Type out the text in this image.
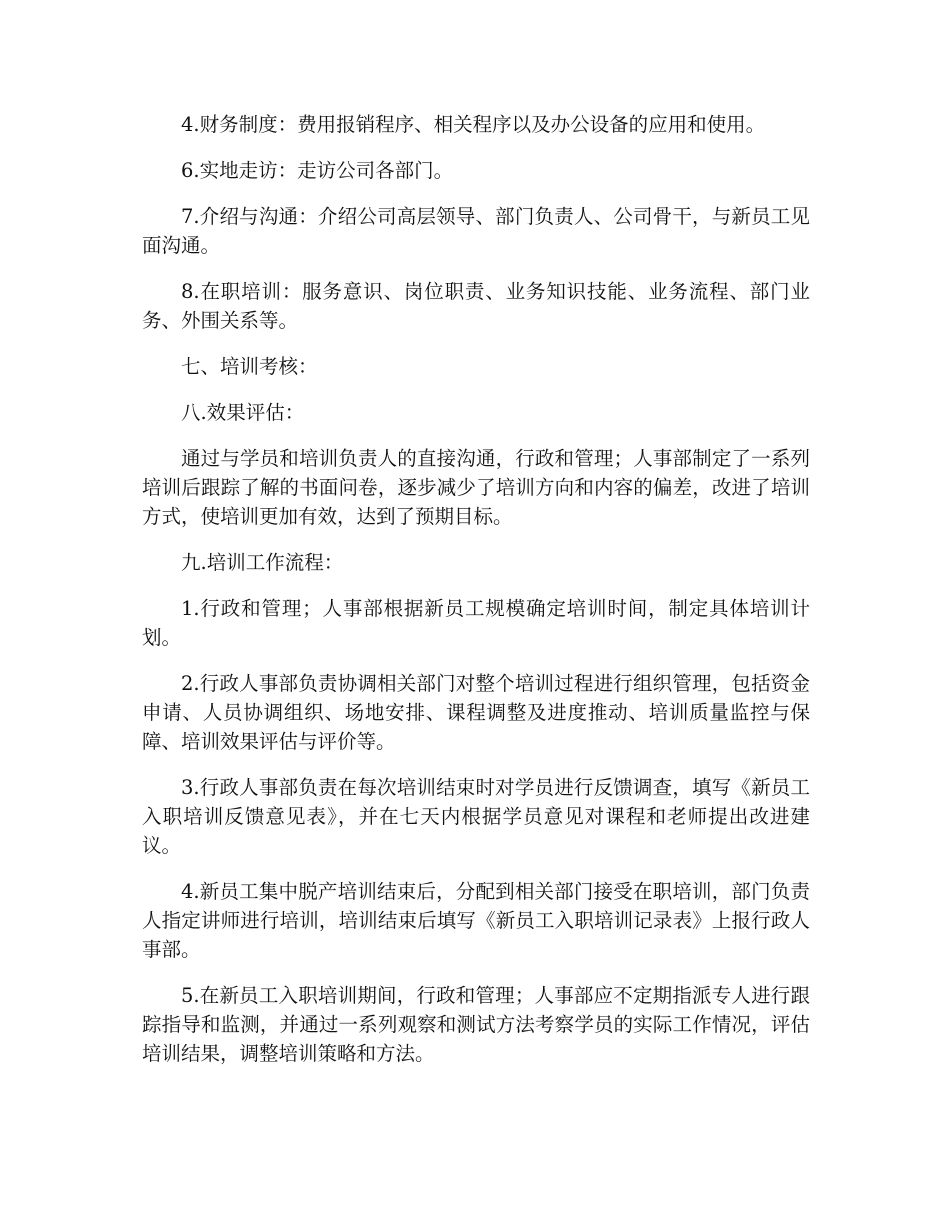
4.财务制度：费用报销程序、相关程序以及办公设备的应用和使用。

6.实地走访：走访公司各部门。

7.介绍与沟通：介绍公司高层领导、部门负责人、公司骨干，与新员工见面沟通。

8.在职培训：服务意识、岗位职责、业务知识技能、业务流程、部门业务、外围关系等。

七、培训考核：

八.效果评估：

通过与学员和培训负责人的直接沟通，行政和管理；人事部制定了一系列培训后跟踪了解的书面问卷，逐步减少了培训方向和内容的偏差，改进了培训方式，使培训更加有效，达到了预期目标。

九.培训工作流程：

1.行政和管理；人事部根据新员工规模确定培训时间，制定具体培训计划。

2.行政人事部负责协调相关部门对整个培训过程进行组织管理，包括资金申请、人员协调组织、场地安排、课程调整及进度推动、培训质量监控与保障、培训效果评估与评价等。

3.行政人事部负责在每次培训结束时对学员进行反馈调查，填写《新员工入职培训反馈意见表》，并在七天内根据学员意见对课程和老师提出改进建议。

4.新员工集中脱产培训结束后，分配到相关部门接受在职培训，部门负责人指定讲师进行培训，培训结束后填写《新员工入职培训记录表》上报行政人事部。

5.在新员工入职培训期间，行政和管理；人事部应不定期指派专人进行跟踪指导和监测，并通过一系列观察和测试方法考察学员的实际工作情况，评估培训结果，调整培训策略和方法。
